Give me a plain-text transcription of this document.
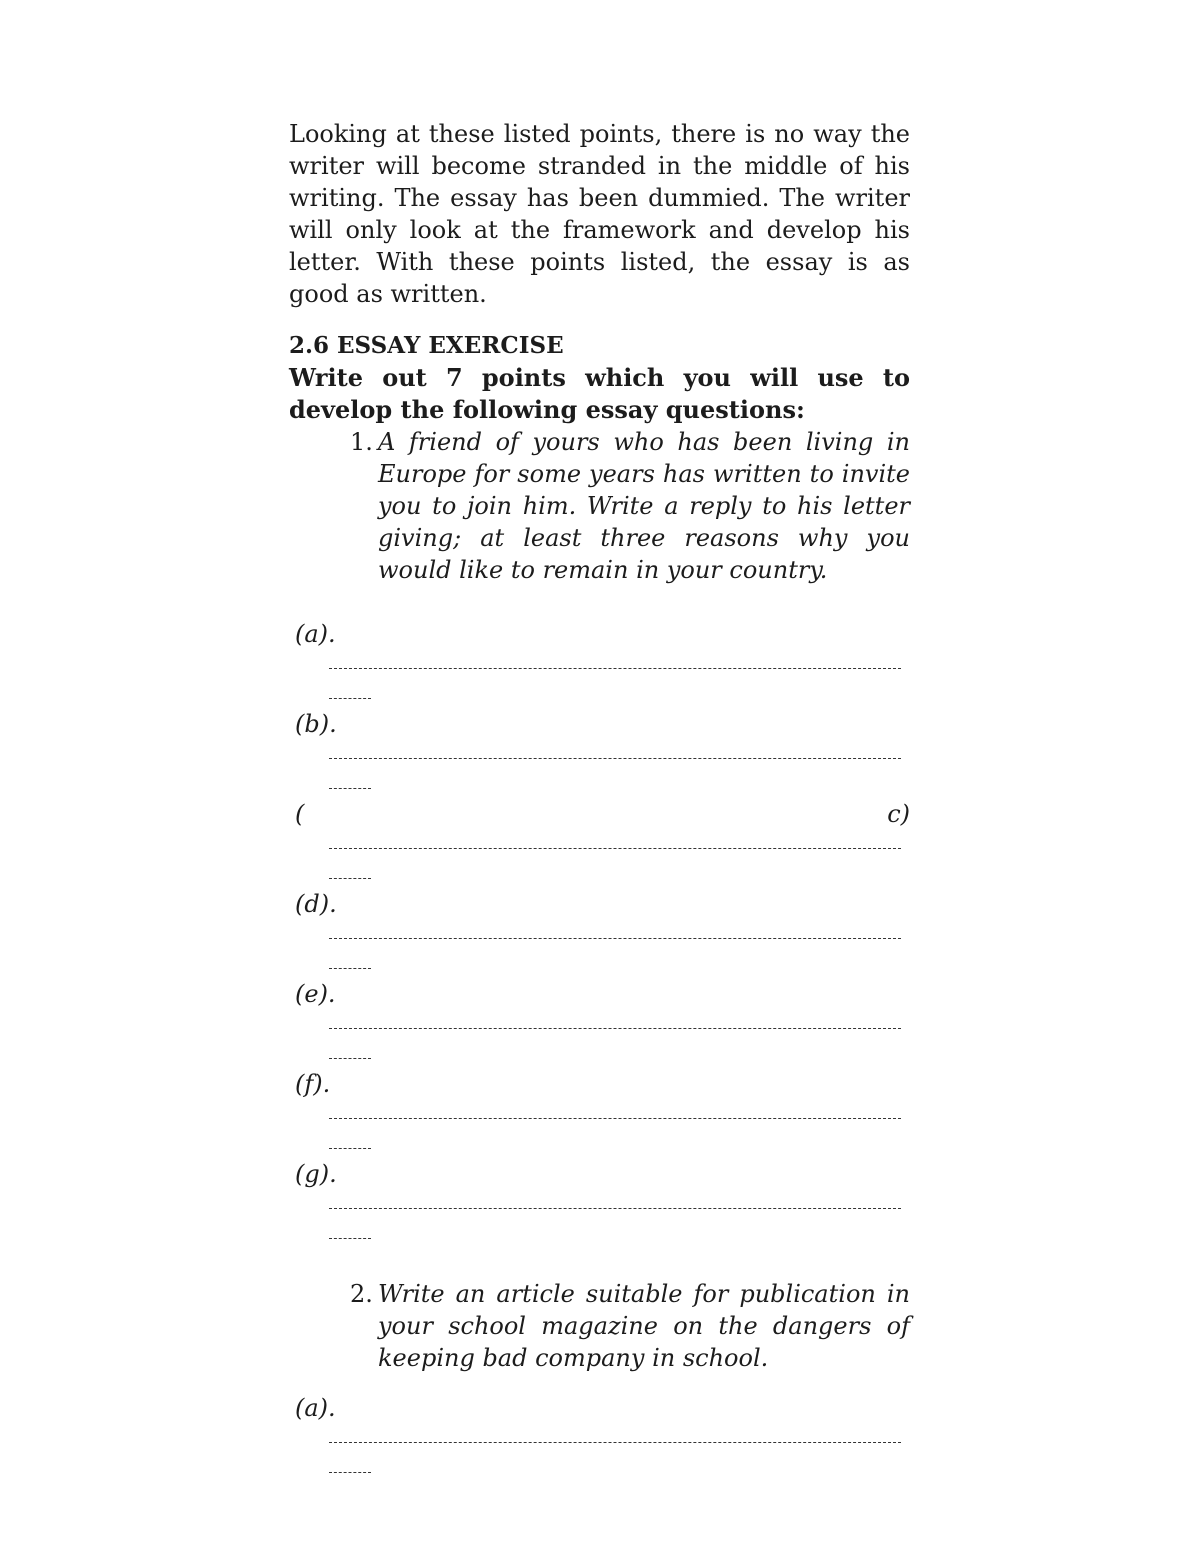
Looking at these listed points, there is no way the writer will become stranded in the middle of his writing. The essay has been dummied. The writer will only look at the framework and develop his letter. With these points listed, the essay is as good as written.

2.6 ESSAY EXERCISE

Write out 7 points which you will use to develop the following essay questions:

1. A friend of yours who has been living in Europe for some years has written to invite you to join him. Write a reply to his letter giving; at least three reasons why you would like to remain in your country.

(a).
(b).
(	c)
(d).
(e).
(f).
(g).

2. Write an article suitable for publication in your school magazine on the dangers of keeping bad company in school.

(a).
